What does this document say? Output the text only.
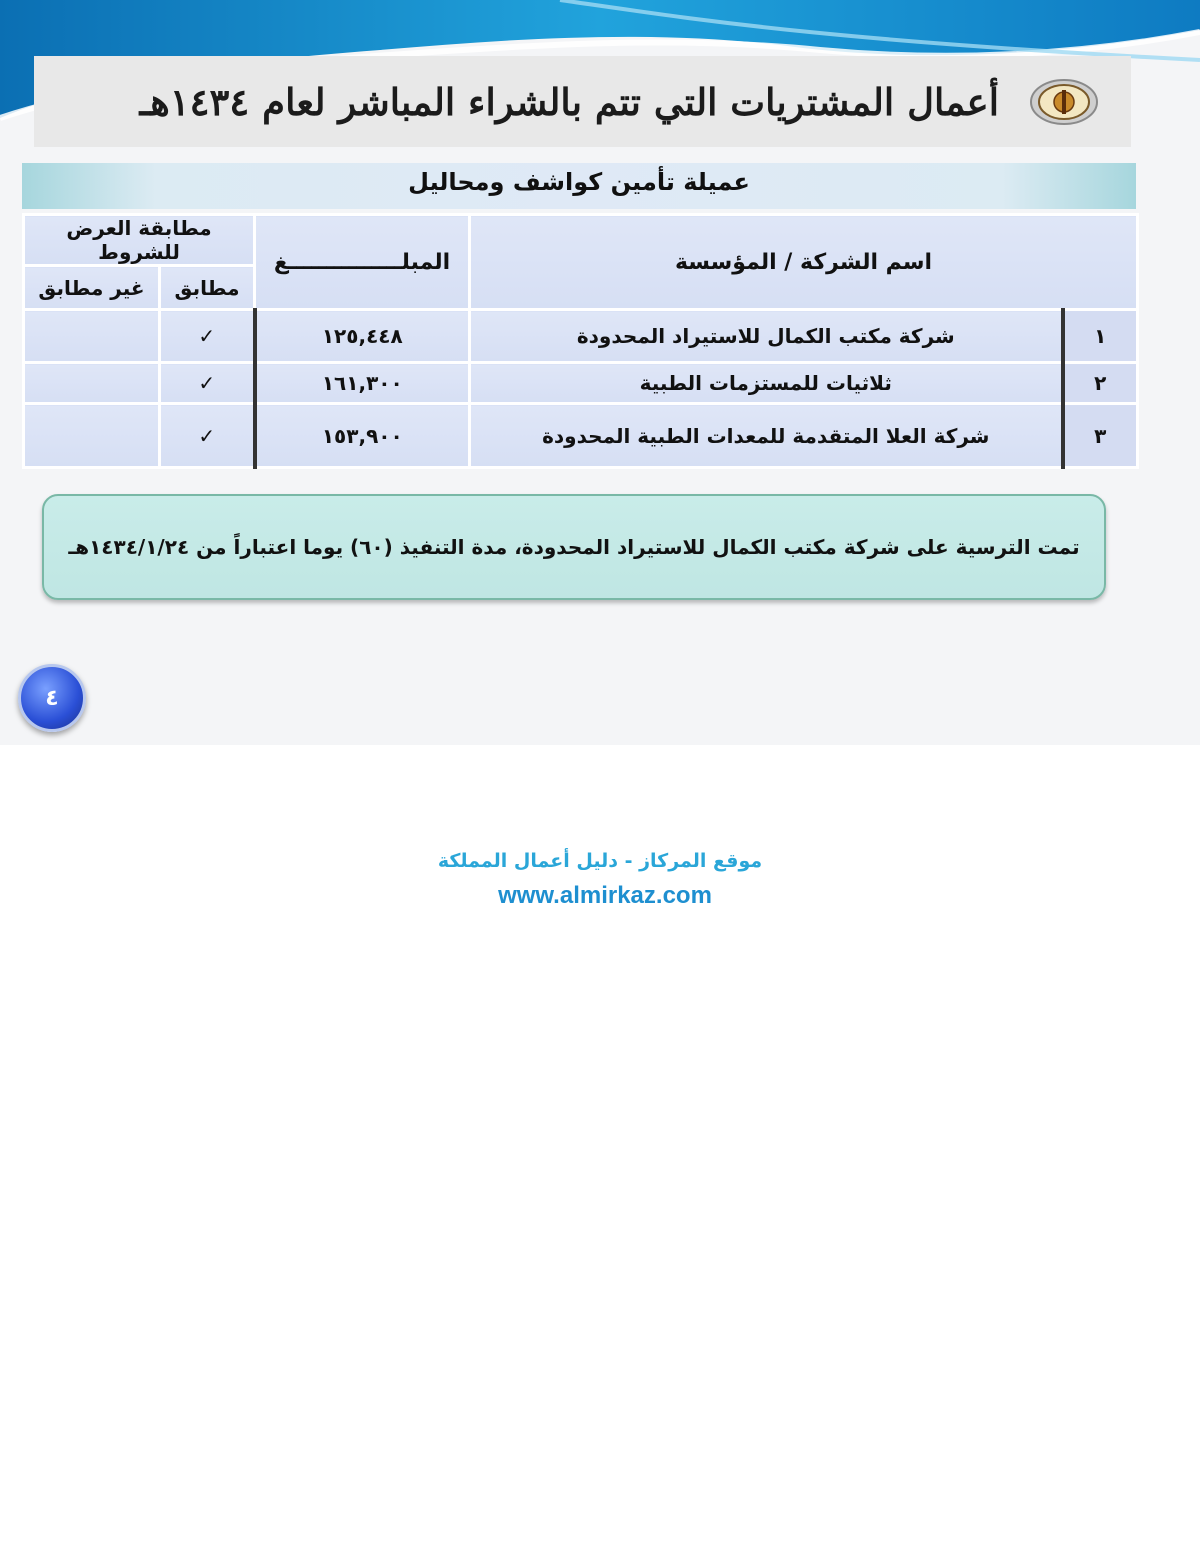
أعمال المشتريات التي تتم بالشراء المباشر لعام ١٤٣٤هـ
عميلة تأمين كواشف ومحاليل
اسم الشركة / المؤسسة		المبلـــــــــــــــغ	مطابقة العرض للشروط	
			مطابق	غير مطابق
١	شركة مكتب الكمال للاستيراد المحدودة	١٢٥,٤٤٨	✓	
٢	ثلاثيات للمستزمات الطبية	١٦١,٣٠٠	✓	
٣	شركة العلا المتقدمة للمعدات الطبية المحدودة	١٥٣,٩٠٠	✓	
تمت الترسية على شركة مكتب الكمال للاستيراد المحدودة، مدة التنفيذ (٦٠) يوما اعتباراً من ١٤٣٤/١/٢٤هـ
٤
موقع المركاز - دليل أعمال المملكة
www.almirkaz.com
